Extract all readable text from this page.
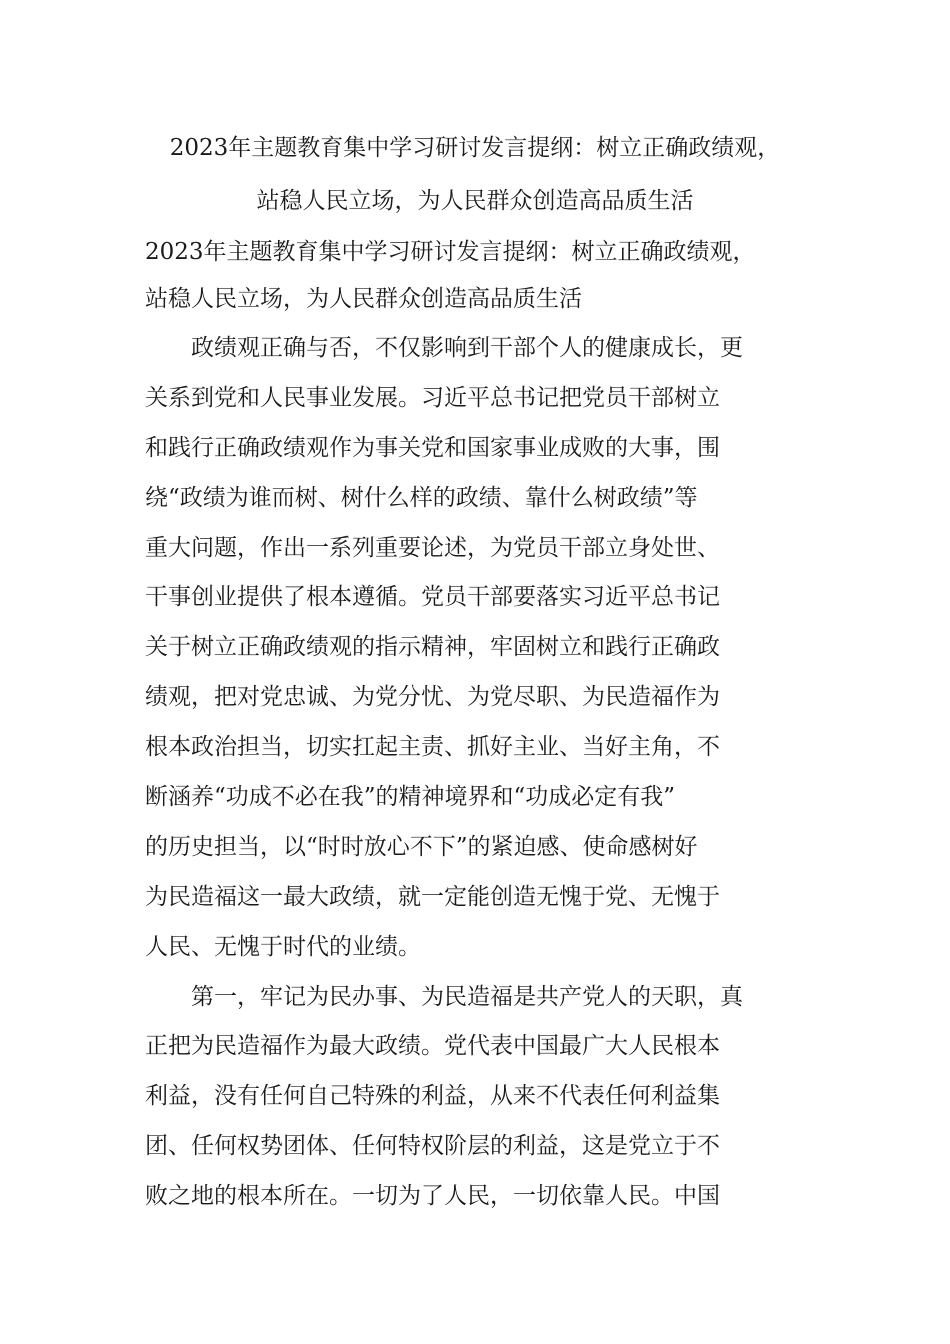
2023年主题教育集中学习研讨发言提纲：树立正确政绩观，
站稳人民立场，为人民群众创造高品质生活
2023年主题教育集中学习研讨发言提纲：树立正确政绩观，
站稳人民立场，为人民群众创造高品质生活
政绩观正确与否，不仅影响到干部个人的健康成长，更
关系到党和人民事业发展。习近平总书记把党员干部树立
和践行正确政绩观作为事关党和国家事业成败的大事，围
绕“政绩为谁而树、树什么样的政绩、靠什么树政绩”等
重大问题，作出一系列重要论述，为党员干部立身处世、
干事创业提供了根本遵循。党员干部要落实习近平总书记
关于树立正确政绩观的指示精神，牢固树立和践行正确政
绩观，把对党忠诚、为党分忧、为党尽职、为民造福作为
根本政治担当，切实扛起主责、抓好主业、当好主角，不
断涵养“功成不必在我”的精神境界和“功成必定有我”
的历史担当，以“时时放心不下”的紧迫感、使命感树好
为民造福这一最大政绩，就一定能创造无愧于党、无愧于
人民、无愧于时代的业绩。
第一，牢记为民办事、为民造福是共产党人的天职，真
正把为民造福作为最大政绩。党代表中国最广大人民根本
利益，没有任何自己特殊的利益，从来不代表任何利益集
团、任何权势团体、任何特权阶层的利益，这是党立于不
败之地的根本所在。一切为了人民，一切依靠人民。中国
